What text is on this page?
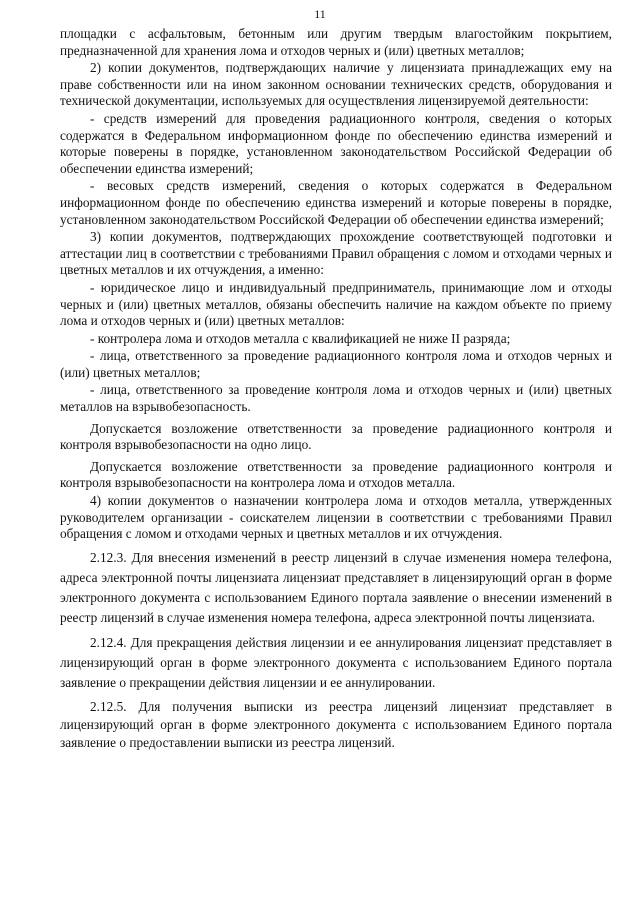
11

площадки с асфальтовым, бетонным или другим твердым влагостойким покрытием, предназначенной для хранения лома и отходов черных и (или) цветных металлов;

2) копии документов, подтверждающих наличие у лицензиата принадлежащих ему на праве собственности или на ином законном основании технических средств, оборудования и технической документации, используемых для осуществления лицензируемой деятельности:

- средств измерений для проведения радиационного контроля, сведения о которых содержатся в Федеральном информационном фонде по обеспечению единства измерений и которые поверены в порядке, установленном законодательством Российской Федерации об обеспечении единства измерений;

- весовых средств измерений, сведения о которых содержатся в Федеральном информационном фонде по обеспечению единства измерений и которые поверены в порядке, установленном законодательством Российской Федерации об обеспечении единства измерений;

3) копии документов, подтверждающих прохождение соответствующей подготовки и аттестации лиц в соответствии с требованиями Правил обращения с ломом и отходами черных и цветных металлов и их отчуждения, а именно:

- юридическое лицо и индивидуальный предприниматель, принимающие лом и отходы черных и (или) цветных металлов, обязаны обеспечить наличие на каждом объекте по приему лома и отходов черных и (или) цветных металлов:

- контролера лома и отходов металла с квалификацией не ниже II разряда;

- лица, ответственного за проведение радиационного контроля лома и отходов черных и (или) цветных металлов;

- лица, ответственного за проведение контроля лома и отходов черных и (или) цветных металлов на взрывобезопасность.

Допускается возложение ответственности за проведение радиационного контроля и контроля взрывобезопасности на одно лицо.

Допускается возложение ответственности за проведение радиационного контроля и контроля взрывобезопасности на контролера лома и отходов металла.

4) копии документов о назначении контролера лома и отходов металла, утвержденных руководителем организации - соискателем лицензии в соответствии с требованиями Правил обращения с ломом и отходами черных и цветных металлов и их отчуждения.

2.12.3. Для внесения изменений в реестр лицензий в случае изменения номера телефона, адреса электронной почты лицензиата лицензиат представляет в лицензирующий орган в форме электронного документа с использованием Единого портала заявление о внесении изменений в реестр лицензий в случае изменения номера телефона, адреса электронной почты лицензиата.

2.12.4. Для прекращения действия лицензии и ее аннулирования лицензиат представляет в лицензирующий орган в форме электронного документа с использованием Единого портала заявление о прекращении действия лицензии и ее аннулировании.

2.12.5. Для получения выписки из реестра лицензий лицензиат представляет в лицензирующий орган в форме электронного документа с использованием Единого портала заявление о предоставлении выписки из реестра лицензий.
